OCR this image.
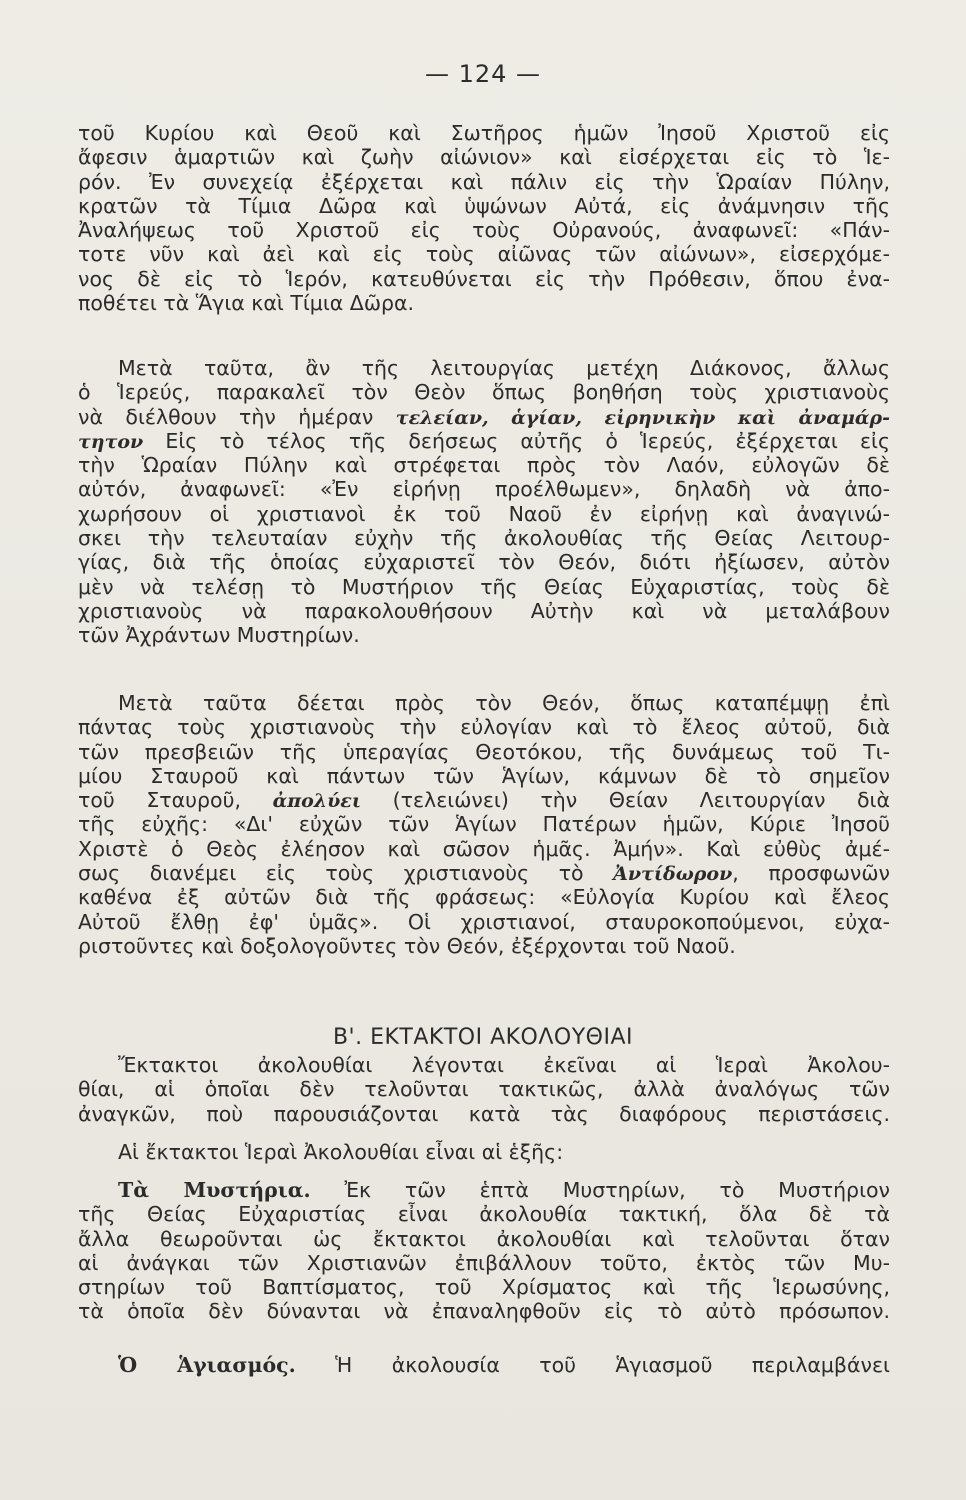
— 124 —
τοῦ Κυρίου καὶ Θεοῦ καὶ Σωτῆρος ἡμῶν Ἰησοῦ Χριστοῦ εἰς
ἄφεσιν ἁμαρτιῶν καὶ ζωὴν αἰώνιον» καὶ εἰσέρχεται εἰς τὸ Ἱε-
ρόν. Ἐν συνεχείᾳ ἐξέρχεται καὶ πάλιν εἰς τὴν Ὡραίαν Πύλην,
κρατῶν τὰ Τίμια Δῶρα καὶ ὑψώνων Αὐτά, εἰς ἀνάμνησιν τῆς
Ἀναλήψεως τοῦ Χριστοῦ εἰς τοὺς Οὐρανούς, ἀναφωνεῖ: «Πάν-
τοτε νῦν καὶ ἀεὶ καὶ εἰς τοὺς αἰῶνας τῶν αἰώνων», εἰσερχόμε-
νος δὲ εἰς τὸ Ἱερόν, κατευθύνεται εἰς τὴν Πρόθεσιν, ὅπου ἐνα-
ποθέτει τὰ Ἅγια καὶ Τίμια Δῶρα.
Μετὰ ταῦτα, ἂν τῆς λειτουργίας μετέχη Διάκονος, ἄλλως
ὁ Ἱερεύς, παρακαλεῖ τὸν Θεὸν ὅπως βοηθήση τοὺς χριστιανοὺς
νὰ διέλθουν τὴν ἡμέραν τελείαν, ἁγίαν, εἰρηνικὴν καὶ ἀναμάρ-
τητον Εἰς τὸ τέλος τῆς δεήσεως αὐτῆς ὁ Ἱερεύς, ἐξέρχεται εἰς
τὴν Ὡραίαν Πύλην καὶ στρέφεται πρὸς τὸν Λαόν, εὐλογῶν δὲ
αὐτόν, ἀναφωνεῖ: «Ἐν εἰρήνῃ προέλθωμεν», δηλαδὴ νὰ ἀπο-
χωρήσουν οἱ χριστιανοὶ ἐκ τοῦ Ναοῦ ἐν εἰρήνῃ καὶ ἀναγινώ-
σκει τὴν τελευταίαν εὐχὴν τῆς ἀκολουθίας τῆς Θείας Λειτουρ-
γίας, διὰ τῆς ὁποίας εὐχαριστεῖ τὸν Θεόν, διότι ἠξίωσεν, αὐτὸν
μὲν νὰ τελέσῃ τὸ Μυστήριον τῆς Θείας Εὐχαριστίας, τοὺς δὲ
χριστιανοὺς νὰ παρακολουθήσουν Αὐτὴν καὶ νὰ μεταλάβουν
τῶν Ἀχράντων Μυστηρίων.
Μετὰ ταῦτα δέεται πρὸς τὸν Θεόν, ὅπως καταπέμψῃ ἐπὶ
πάντας τοὺς χριστιανοὺς τὴν εὐλογίαν καὶ τὸ ἔλεος αὐτοῦ, διὰ
τῶν πρεσβειῶν τῆς ὑπεραγίας Θεοτόκου, τῆς δυνάμεως τοῦ Τι-
μίου Σταυροῦ καὶ πάντων τῶν Ἁγίων, κάμνων δὲ τὸ σημεῖον
τοῦ Σταυροῦ, ἀπολύει (τελειώνει) τὴν Θείαν Λειτουργίαν διὰ
τῆς εὐχῆς: «Δι' εὐχῶν τῶν Ἁγίων Πατέρων ἡμῶν, Κύριε Ἰησοῦ
Χριστὲ ὁ Θεὸς ἐλέησον καὶ σῶσον ἡμᾶς. Ἀμήν». Καὶ εὐθὺς ἀμέ-
σως διανέμει εἰς τοὺς χριστιανοὺς τὸ Ἀντίδωρον, προσφωνῶν
καθένα ἐξ αὐτῶν διὰ τῆς φράσεως: «Εὐλογία Κυρίου καὶ ἔλεος
Αὐτοῦ ἔλθῃ ἐφ' ὑμᾶς». Οἱ χριστιανοί, σταυροκοπούμενοι, εὐχα-
ριστοῦντες καὶ δοξολογοῦντες τὸν Θεόν, ἐξέρχονται τοῦ Ναοῦ.
Β'. ΕΚΤΑΚΤΟΙ ΑΚΟΛΟΥΘΙΑΙ
Ἔκτακτοι ἀκολουθίαι λέγονται ἐκεῖναι αἱ Ἱεραὶ Ἀκολου-
θίαι, αἱ ὁποῖαι δὲν τελοῦνται τακτικῶς, ἀλλὰ ἀναλόγως τῶν
ἀναγκῶν, ποὺ παρουσιάζονται κατὰ τὰς διαφόρους περιστάσεις.
Αἱ ἔκτακτοι Ἱεραὶ Ἀκολουθίαι εἶναι αἱ ἑξῆς:
Τὰ Μυστήρια. Ἐκ τῶν ἑπτὰ Μυστηρίων, τὸ Μυστήριον
τῆς Θείας Εὐχαριστίας εἶναι ἀκολουθία τακτική, ὅλα δὲ τὰ
ἄλλα θεωροῦνται ὡς ἔκτακτοι ἀκολουθίαι καὶ τελοῦνται ὅταν
αἱ ἀνάγκαι τῶν Χριστιανῶν ἐπιβάλλουν τοῦτο, ἐκτὸς τῶν Μυ-
στηρίων τοῦ Βαπτίσματος, τοῦ Χρίσματος καὶ τῆς Ἱερωσύνης,
τὰ ὁποῖα δὲν δύνανται νὰ ἐπαναληφθοῦν εἰς τὸ αὐτὸ πρόσωπον.
Ὁ Ἁγιασμός. Ἡ ἀκολουσία τοῦ Ἁγιασμοῦ περιλαμβάνει
